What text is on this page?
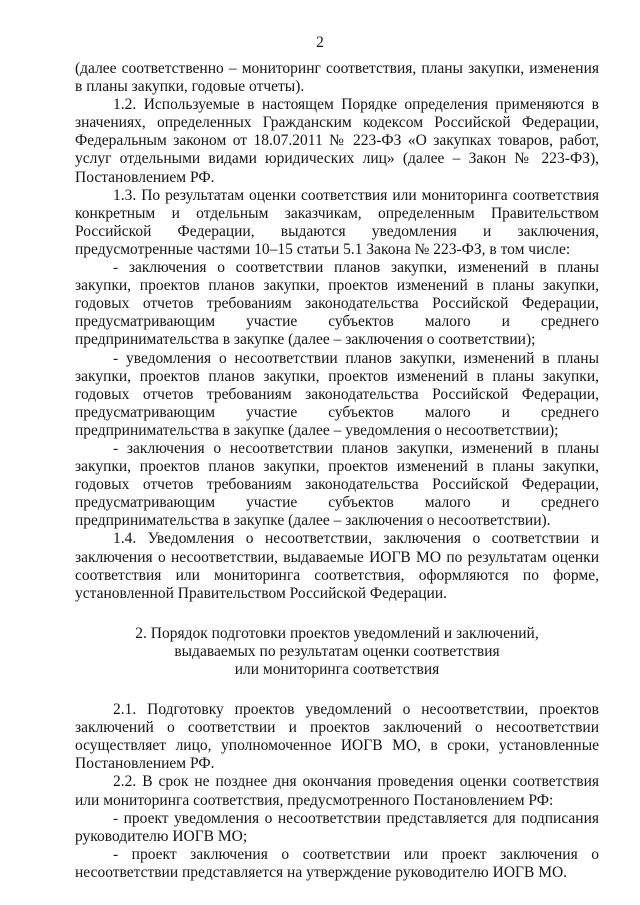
2

(далее соответственно – мониторинг соответствия, планы закупки, изменения в планы закупки, годовые отчеты).

1.2. Используемые в настоящем Порядке определения применяются в значениях, определенных Гражданским кодексом Российской Федерации, Федеральным законом от 18.07.2011 № 223-ФЗ «О закупках товаров, работ, услуг отдельными видами юридических лиц» (далее – Закон № 223-ФЗ), Постановлением РФ.

1.3. По результатам оценки соответствия или мониторинга соответствия конкретным и отдельным заказчикам, определенным Правительством Российской Федерации, выдаются уведомления и заключения, предусмотренные частями 10–15 статьи 5.1 Закона № 223-ФЗ, в том числе:

- заключения о соответствии планов закупки, изменений в планы закупки, проектов планов закупки, проектов изменений в планы закупки, годовых отчетов требованиям законодательства Российской Федерации, предусматривающим участие субъектов малого и среднего предпринимательства в закупке (далее – заключения о соответствии);

- уведомления о несоответствии планов закупки, изменений в планы закупки, проектов планов закупки, проектов изменений в планы закупки, годовых отчетов требованиям законодательства Российской Федерации, предусматривающим участие субъектов малого и среднего предпринимательства в закупке (далее – уведомления о несоответствии);

- заключения о несоответствии планов закупки, изменений в планы закупки, проектов планов закупки, проектов изменений в планы закупки, годовых отчетов требованиям законодательства Российской Федерации, предусматривающим участие субъектов малого и среднего предпринимательства в закупке (далее – заключения о несоответствии).

1.4. Уведомления о несоответствии, заключения о соответствии и заключения о несоответствии, выдаваемые ИОГВ МО по результатам оценки соответствия или мониторинга соответствия, оформляются по форме, установленной Правительством Российской Федерации.

2. Порядок подготовки проектов уведомлений и заключений,
выдаваемых по результатам оценки соответствия
или мониторинга соответствия

2.1. Подготовку проектов уведомлений о несоответствии, проектов заключений о соответствии и проектов заключений о несоответствии осуществляет лицо, уполномоченное ИОГВ МО, в сроки, установленные Постановлением РФ.

2.2. В срок не позднее дня окончания проведения оценки соответствия или мониторинга соответствия, предусмотренного Постановлением РФ:

- проект уведомления о несоответствии представляется для подписания руководителю ИОГВ МО;

- проект заключения о соответствии или проект заключения о несоответствии представляется на утверждение руководителю ИОГВ МО.
